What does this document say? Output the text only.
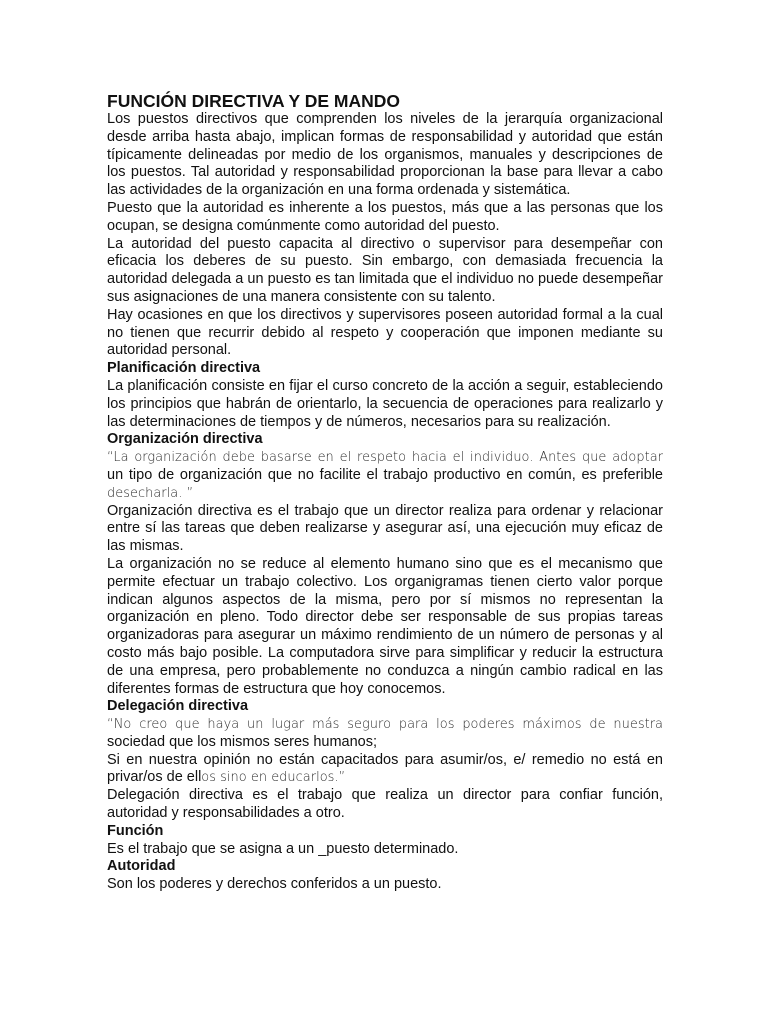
FUNCIÓN DIRECTIVA Y DE MANDO

Los puestos directivos que comprenden los niveles de la jerarquía organizacional desde arriba hasta abajo, implican formas de responsabilidad y autoridad que están típicamente delineadas por medio de los organismos, manuales y descripciones de los puestos. Tal autoridad y responsabilidad proporcionan la base para llevar a cabo las actividades de la organización en una forma ordenada y sistemática.

Puesto que la autoridad es inherente a los puestos, más que a las personas que los ocupan, se designa comúnmente como autoridad del puesto.

La autoridad del puesto capacita al directivo o supervisor para desempeñar con eficacia los deberes de su puesto. Sin embargo, con demasiada frecuencia la autoridad delegada a un puesto es tan limitada que el individuo no puede desempeñar sus asignaciones de una manera consistente con su talento.

Hay ocasiones en que los directivos y supervisores poseen autoridad formal a la cual no tienen que recurrir debido al respeto y cooperación que imponen mediante su autoridad personal.

Planificación directiva

La planificación consiste en fijar el curso concreto de la acción a seguir, estableciendo los principios que habrán de orientarlo, la secuencia de operaciones para realizarlo y las determinaciones de tiempos y de números, necesarios para su realización.

Organización directiva

“La organización debe basarse en el respeto hacia el individuo. Antes que adoptar un tipo de organización que no facilite el trabajo productivo en común, es preferible desecharla. ”

Organización directiva es el trabajo que un director realiza para ordenar y relacionar entre sí las tareas que deben realizarse y asegurar así, una ejecución muy eficaz de las mismas.

La organización no se reduce al elemento humano sino que es el mecanismo que permite efectuar un trabajo colectivo. Los organigramas tienen cierto valor porque indican algunos aspectos de la misma, pero por sí mismos no representan la organización en pleno. Todo director debe ser responsable de sus propias tareas organizadoras para asegurar un máximo rendimiento de un número de personas y al costo más bajo posible. La computadora sirve para simplificar y reducir la estructura de una empresa, pero probablemente no conduzca a ningún cambio radical en las diferentes formas de estructura que hoy conocemos.

Delegación directiva

“No creo que haya un lugar más seguro para los poderes máximos de nuestra sociedad que los mismos seres humanos;

Si en nuestra opinión no están capacitados para asumir/os, e/ remedio no está en privar/os de ellos sino en educarlos.”

Delegación directiva es el trabajo que realiza un director para confiar función, autoridad y responsabilidades a otro.

Función

Es el trabajo que se asigna a un _puesto determinado.

Autoridad

Son los poderes y derechos conferidos a un puesto.
